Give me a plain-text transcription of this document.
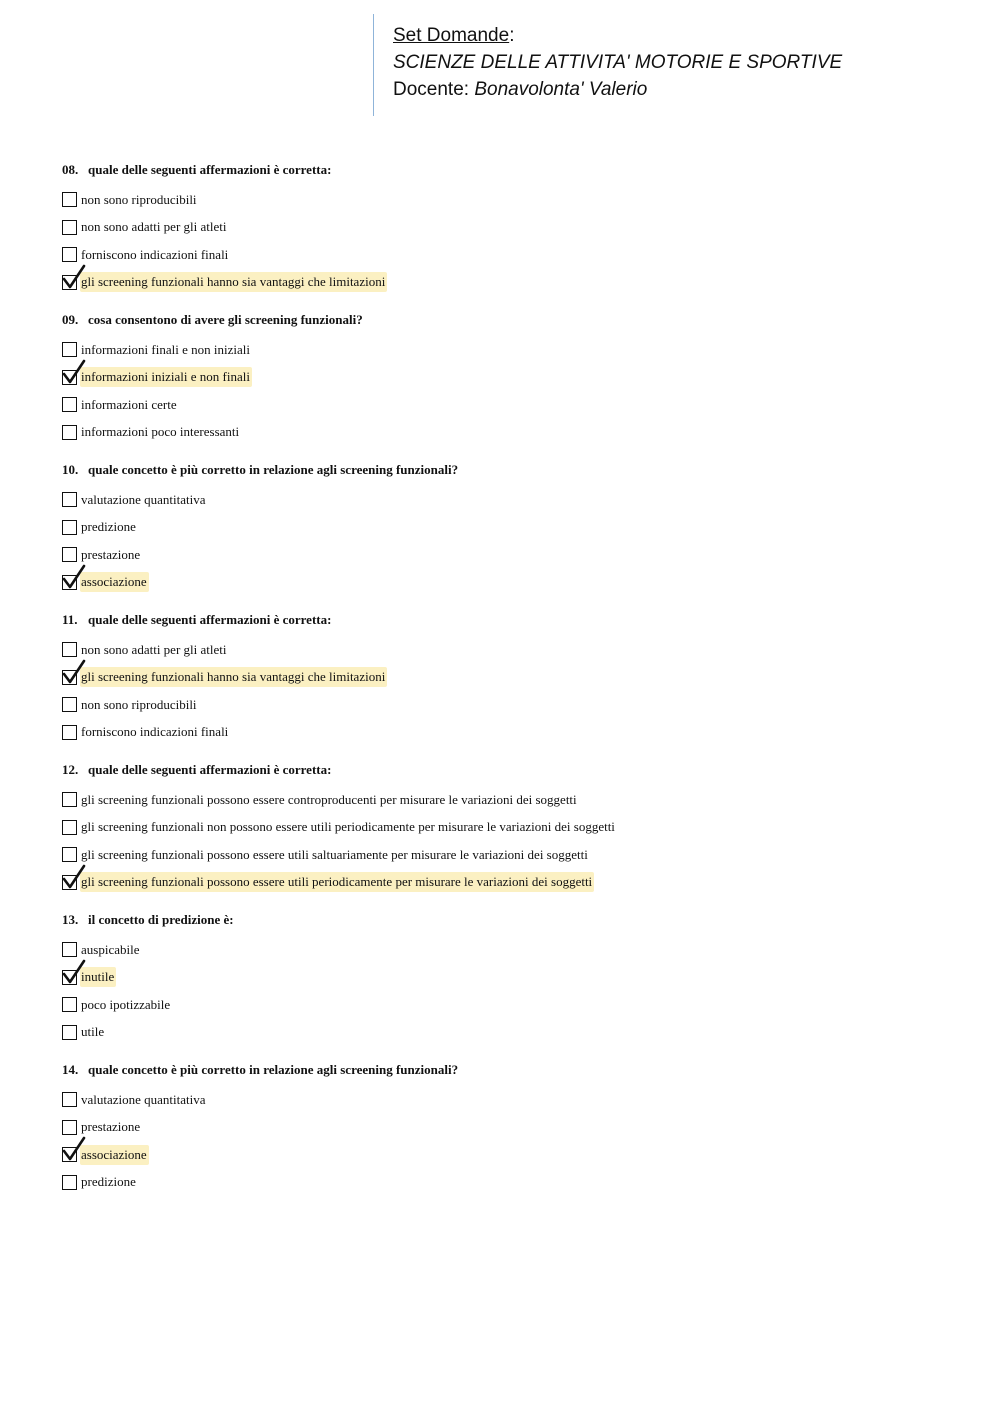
Set Domande:
SCIENZE DELLE ATTIVITA' MOTORIE E SPORTIVE
Docente: Bonavolonta' Valerio
08. quale delle seguenti affermazioni è corretta:
non sono riproducibili
non sono adatti per gli atleti
forniscono indicazioni finali
gli screening funzionali hanno sia vantaggi che limitazioni
09. cosa consentono di avere gli screening funzionali?
informazioni finali e non iniziali
informazioni iniziali e non finali
informazioni certe
informazioni poco interessanti
10. quale concetto è più corretto in relazione agli screening funzionali?
valutazione quantitativa
predizione
prestazione
associazione
11. quale delle seguenti affermazioni è corretta:
non sono adatti per gli atleti
gli screening funzionali hanno sia vantaggi che limitazioni
non sono riproducibili
forniscono indicazioni finali
12. quale delle seguenti affermazioni è corretta:
gli screening funzionali possono essere controproducenti per misurare le variazioni dei soggetti
gli screening funzionali non possono essere utili periodicamente per misurare le variazioni dei soggetti
gli screening funzionali possono essere utili saltuariamente per misurare le variazioni dei soggetti
gli screening funzionali possono essere utili periodicamente per misurare le variazioni dei soggetti
13. il concetto di predizione è:
auspicabile
inutile
poco ipotizzabile
utile
14. quale concetto è più corretto in relazione agli screening funzionali?
valutazione quantitativa
prestazione
associazione
predizione
